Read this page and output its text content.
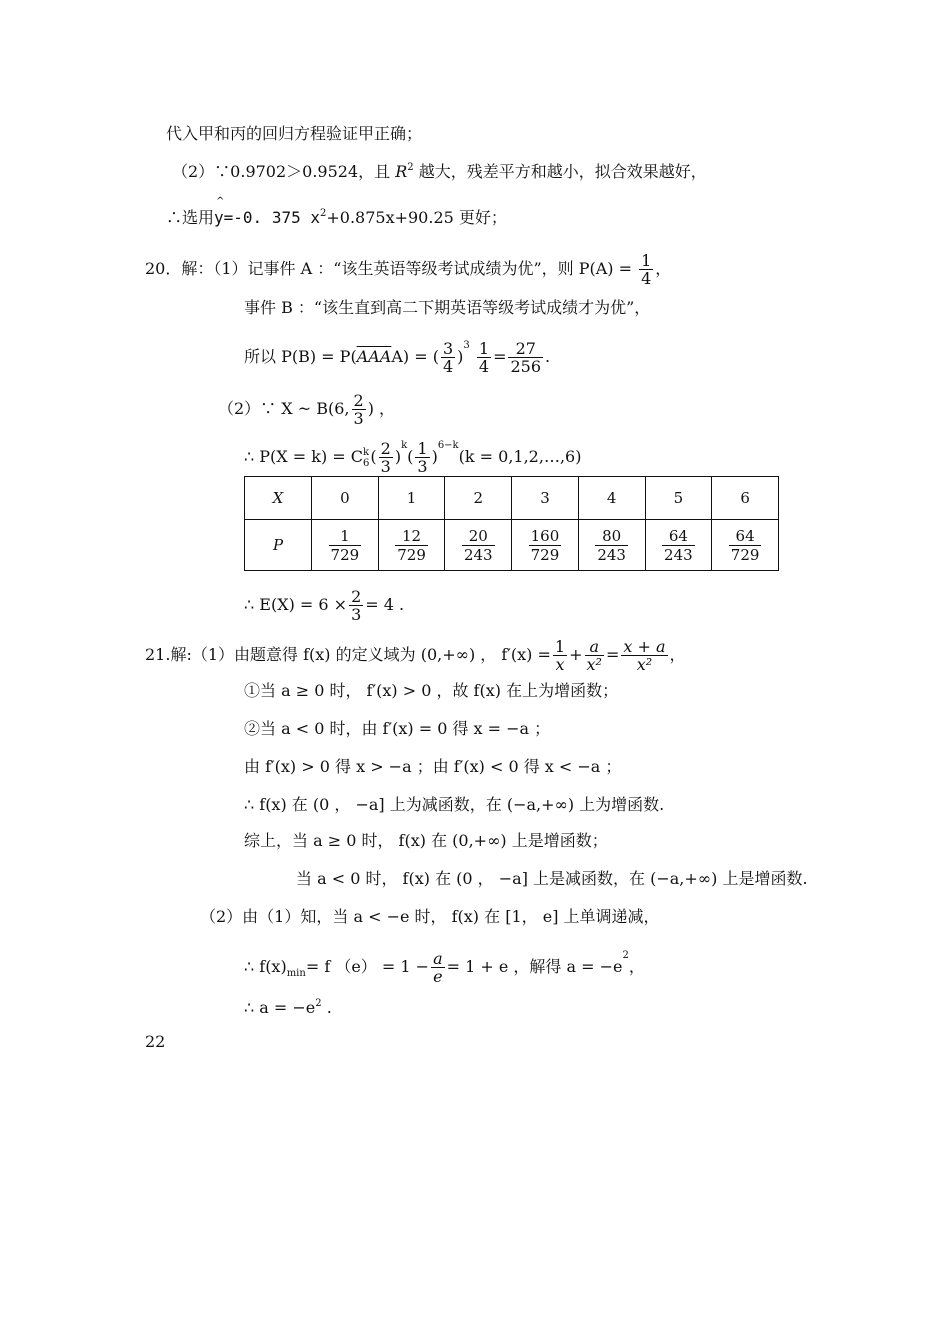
代入甲和丙的回归方程验证甲正确；
（2）∵0.9702＞0.9524，且 $R^2$ 越大，残差平方和越小，拟合效果越好，
∴选用
^
y=-0. 375 $x^2+0.875x+90.25$ 更好；
20．解：（1）记事件 A ：“该生英语等级考试成绩为优”，则 $P(A) = \frac{1}{4}$ ，
事件 B ：“该生直到高二下期英语等级考试成绩才为优”，
所以 $P(B) = P(\overline{AAA}A)$ = ( $\frac{3}{4} )^3 \frac{1}{4} = \frac{27}{256}$ .
（2）∵ X ~ B(6, $\frac{2}{3}$ ) ，
∴ P(X = k) = C k
6 ( $\frac{2}{3} )^k( \frac{1}{3} )^{6-k}(k$ = 0,1,2,…,6)
X	0	1	2	3	4	5	6
P	$\frac{1}{729}$	$\frac{12}{729}$	$\frac{20}{243}$	$\frac{160}{729}$	$\frac{80}{243}$	$\frac{64}{243}$	$\frac{64}{729}$
∴ $E(X) = 6 \times \frac{2}{3} = 4$ .
21.解:（1）由题意得 f(x) 的定义域为 (0,+∞) ， $f'(x) = \frac{1}{x} + \frac{a}{\text{x²}} = \frac{x + a}{\text{x²}}$ ，
①当 a ≥ 0 时， f′(x) > 0 ，故 f(x) 在上为增函数；
②当 a < 0 时，由 f′(x) = 0 得 x = −a ；
由 f′(x) > 0 得 x > −a ；由 f′(x) < 0 得 x < −a ；
∴ f(x) 在 (0 ， −a] 上为减函数，在 (−a,+∞) 上为增函数.
综上，当 a ≥ 0 时， f(x) 在 (0,+∞) 上是增函数；
当 a < 0 时， f(x) 在 (0 ， −a] 上是减函数，在 (−a,+∞) 上是增函数.
（2）由（1）知，当 a < −e 时， f(x) 在 [1， e] 上单调递减，
∴ $f(x)_{min}= f$ $(e) = 1 - \frac{a}{e} = 1 + e$ ，解得 $a = -e^2$，
∴ $a = -e^2$ .
22
